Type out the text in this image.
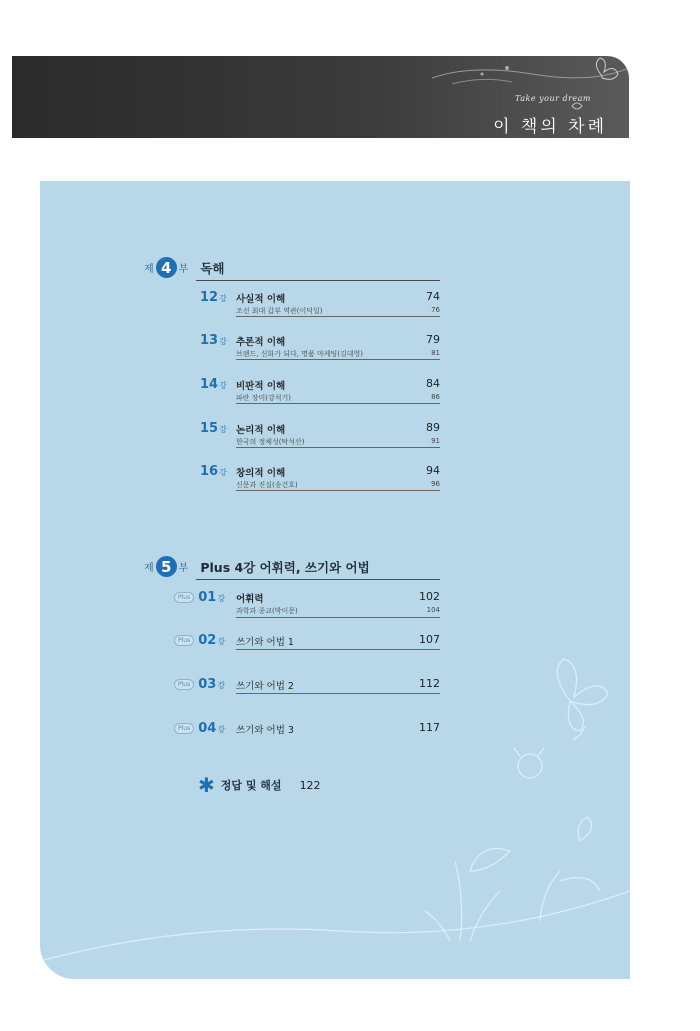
Take your dream
이 책의 차례
제 4 부 독해
12강 사실적 이해	74
조선 최대 갑부 역관(이덕일)	76
13강 추론적 이해	79
브랜드, 신화가 되다, 명품 마케팅(김대영)	81
14강 비판적 이해	84
파란 장미(강석기)	86
15강 논리적 이해	89
한국의 정체성(탁석산)	91
16강 창의적 이해	94
신문과 진실(송건호)	96
제 5 부 Plus 4강 어휘력, 쓰기와 어법
Plus 01강 어휘력	102
과학과 종교(박이문)	104
Plus 02강 쓰기와 어법 1	107
Plus 03강 쓰기와 어법 2	112
Plus 04강 쓰기와 어법 3	117
✱ 정답 및 해설 122
